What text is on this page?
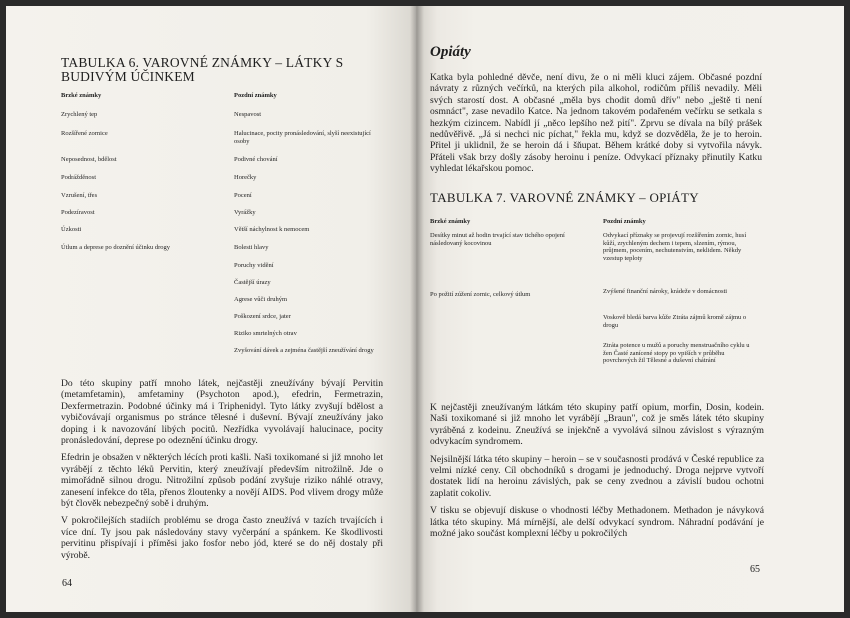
TABULKA 6. VAROVNÉ ZNÁMKY – LÁTKY S BUDIVÝM ÚČINKEM
Brzké známky	Pozdní známky
Zrychlený tep
Rozšířené zornice
Neposednost, bdělost
Podrážděnost
Vzrušení, třes
Podezíravost
Úzkosti
Útlum a deprese po doznění účinku drogy
Nespavost
Halucinace, pocity pronásledování, slyší neexistující osoby
Podivné chování
Horečky
Pocení
Vyrážky
Větší náchylnost k nemocem
Bolesti hlavy
Poruchy vidění
Častější úrazy
Agrese vůči druhým
Poškození srdce, jater
Riziko smrtelných otrav
Zvyšování dávek a zejména častější zneužívání drogy

Do této skupiny patří mnoho látek, nejčastěji zneužívány bývají Pervitin (metamfetamin), amfetaminy (Psychoton apod.), efedrin, Fermetrazin, Dexfermetrazin. Podobné účinky má i Triphenidyl. Tyto látky zvyšují bdělost a vybičovávají organismus po stránce tělesné i duševní. Bývají zneužívány jako doping i k navozování libých pocitů. Nezřídka vyvolávají halucinace, pocity pronásledování, deprese po odeznění účinku drogy.

Efedrin je obsažen v některých lécích proti kašli. Naši toxikomané si již mnoho let vyrábějí z těchto léků Pervitin, který zneužívají především nitrožilně. Jde o mimořádně silnou drogu. Nitrožilní způsob podání zvyšuje riziko náhlé otravy, zanesení infekce do těla, přenos žloutenky a novějí AIDS. Pod vlivem drogy může být člověk nebezpečný sobě i druhým.

V pokročilejších stadiích problému se droga často zneužívá v tazích trvajících i více dní. Ty jsou pak následovány stavy vyčerpání a spánkem. Ke škodlivosti pervitinu přispívají i příměsi jako fosfor nebo jód, které se do něj dostaly při výrobě.

64
Opiáty

Katka byla pohledné děvče, není divu, že o ni měli kluci zájem. Občasné pozdní návraty z různých večírků, na kterých pila alkohol, rodičům příliš nevadily. Měli svých starostí dost. A občasné „měla bys chodit domů dřív" nebo „ještě ti není osmnáct", zase nevadilo Katce. Na jednom takovém podařeném večírku se setkala s hezkým cizincem. Nabídl jí „něco lepšího než pití". Zprvu se dívala na bílý prášek nedůvěřivě. „Já si nechci nic píchat," řekla mu, když se dozvěděla, že je to heroin. Přitel ji uklidnil, že se heroin dá i šňupat. Během krátké doby si vytvořila návyk. Přáteli však brzy došly zásoby heroinu i peníze. Odvykací příznaky přinutily Katku vyhledat lékařskou pomoc.

TABULKA 7. VAROVNÉ ZNÁMKY – OPIÁTY
Brzké známky	Pozdní známky
Desítky minut až hodin trvající stav tichého opojení následovaný kocovinou
Po požití zúžení zornic, celkový útlum
Odvykací příznaky se projevují rozšířením zornic, husí kůží, zrychleným dechem i tepem, slzením, rýmou, průjmem, pocením, nechutenstvím, neklidem. Někdy vzestup teploty
Zvýšené finanční nároky, krádeže v domácnosti
Voskově bledá barva kůže Ztráta zájmů kromě zájmu o drogu
Ztráta potence u mužů a poruchy menstruačního cyklu u žen Časté zanícené stopy po vpiších v průběhu povrchových žil Tělesné a duševní chátrání

K nejčastěji zneužívaným látkám této skupiny patří opium, morfin, Dosin, kodein. Naši toxikomané si již mnoho let vyrábějí „Braun", což je směs látek této skupiny vyráběná z kodeinu. Zneužívá se injekčně a vyvolává silnou závislost s výrazným odvykacím syndromem.

Nejsilnější látka této skupiny – heroin – se v současnosti prodává v České republice za velmi nízké ceny. Cíl obchodníků s drogami je jednoduchý. Droga nejprve vytvoří dostatek lidí na heroinu závislých, pak se ceny zvednou a závislí budou ochotni zaplatit cokoliv.

V tisku se objevují diskuse o vhodnosti léčby Methadonem. Methadon je návyková látka této skupiny. Má mírnější, ale delší odvykací syndrom. Náhradní podávání je možné jako součást komplexní léčby u pokročilých

65
